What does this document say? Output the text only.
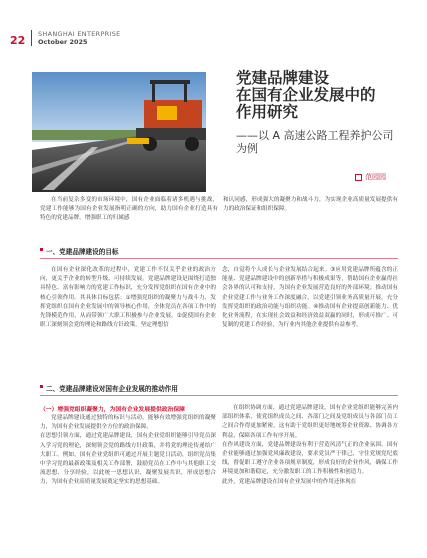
22 SHANGHAI ENTERPRISE
October 2025
党建品牌建设
在国有企业发展中的
作用研究
——以 A 高速公路工程养护公司
为例
范园园
在当前复杂多变的市场环境中，国有企业面临着诸多机遇与挑战，党建工作能够为国有企业发展指明正确的方向，助力国有企业打造具有特色的党建品牌，增强职工的归属感
和认同感，形成强大的凝聚力和战斗力，为实现企业高质量发展提供有力的政治保证和组织保障。
一、党建品牌建设的目标
在国有企业深化改革的过程中，党建工作不仅关乎企业的政治方向，更关乎企业的转型升级、可持续发展。党建品牌建设是围绕打造独具特色、富有影响力的党建工作标识，充分发挥党组织在国有企业中的核心引领作用。其具体目标包括：①增强党组织的凝聚力与战斗力，发挥党组织在国有企业发展中的领导核心作用，全体党员在各项工作中的先锋模范作用，从而带领广大职工积极参与企业发展。②促使国有企业职工深刻领会党的理论和路线方针政策，坚定理想信
念，自觉将个人成长与企业发展结合起来。③应用党建品牌所蕴含的正能量、党建品牌建设中的创新举措与积极成果等，帮助国有企业赢得社会各界的认可和支持，为国有企业发展营造良好的外部环境；推动国有企业党建工作与业务工作深度融合，以党建引领业务高质量开展，充分发挥党组织的政治功能与组织功能。④推动国有企业提高创新能力、优化业务流程，在实现社会效益和经济效益双赢的同时，形成可推广、可复制的党建工作经验，为行业内其他企业提供有益参考。
二、党建品牌建设对国有企业发展的推动作用
（一）增强党组织凝聚力，为国有企业发展提供政治保障
党建品牌建设通过独特的标识与活动，能够有效增强党组织的凝聚力，为国有企业发展提供全方位的政治保障。
在思想引领方面，通过党建品牌建设，国有企业党组织能够引导党员深入学习党的理论，深刻领会党的路线方针政策，并将党的理论传递给广大职工。例如，国有企业党组织可通过开展主题党日活动，组织党员集中学习党的最新政策及相关工作部署，鼓励党员在工作中与其他职工交流思想、分享经验，以此统一思想认识，凝聚发展共识，形成思想合力，为国有企业高质量发展奠定坚实的思想基础。
在组织协调方面，通过党建品牌建设，国有企业党组织能够完善内部组织体系，使党组织成员之间、各部门之间及党组成员与各部门员工之间合作得更加紧密，这有助于党组织更好地统筹企业资源、协调各方利益，保障各项工作有序开展。
在作风建设方面，党建品牌建设有利于营造风清气正的企业氛围。国有企业能够通过加强党风廉政建设，要求党员严于律己，守住党规党纪底线，督促职工遵守企业各项规章制度，形成良好的企业作风，确保工作环境更加和谐稳定，充分激发职工的工作积极性和创造力。
此外，党建品牌建设在国有企业发展中的作用还体现在
